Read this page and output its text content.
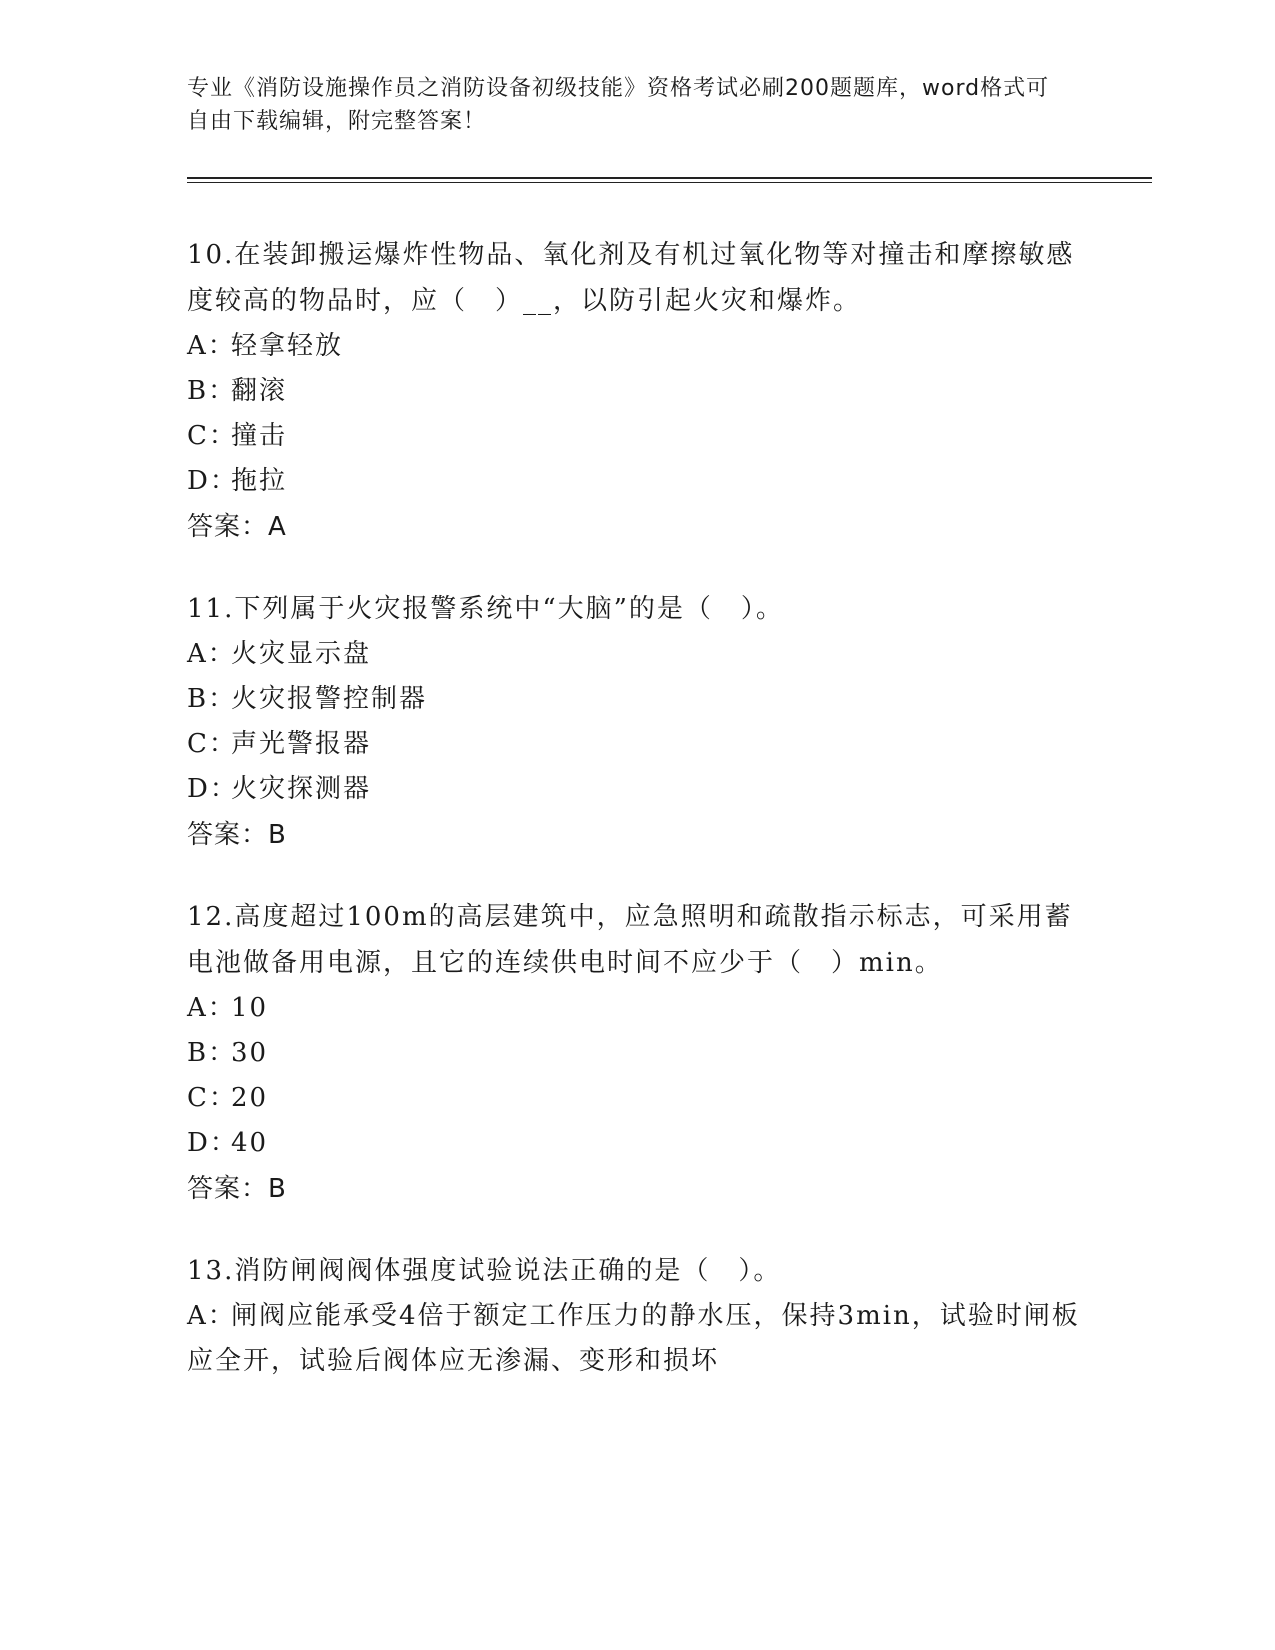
专业《消防设施操作员之消防设备初级技能》资格考试必刷200题题库，word格式可自由下载编辑，附完整答案！
10.在装卸搬运爆炸性物品、氧化剂及有机过氧化物等对撞击和摩擦敏感度较高的物品时，应（　）__，以防引起火灾和爆炸。
A：轻拿轻放
B：翻滚
C：撞击
D：拖拉
答案：A
11.下列属于火灾报警系统中“大脑”的是（　）。
A：火灾显示盘
B：火灾报警控制器
C：声光警报器
D：火灾探测器
答案：B
12.高度超过100m的高层建筑中，应急照明和疏散指示标志，可采用蓄电池做备用电源，且它的连续供电时间不应少于（　）min。
A：10
B：30
C：20
D：40
答案：B
13.消防闸阀阀体强度试验说法正确的是（　）。
A：闸阀应能承受4倍于额定工作压力的静水压，保持3min，试验时闸板应全开，试验后阀体应无渗漏、变形和损坏
